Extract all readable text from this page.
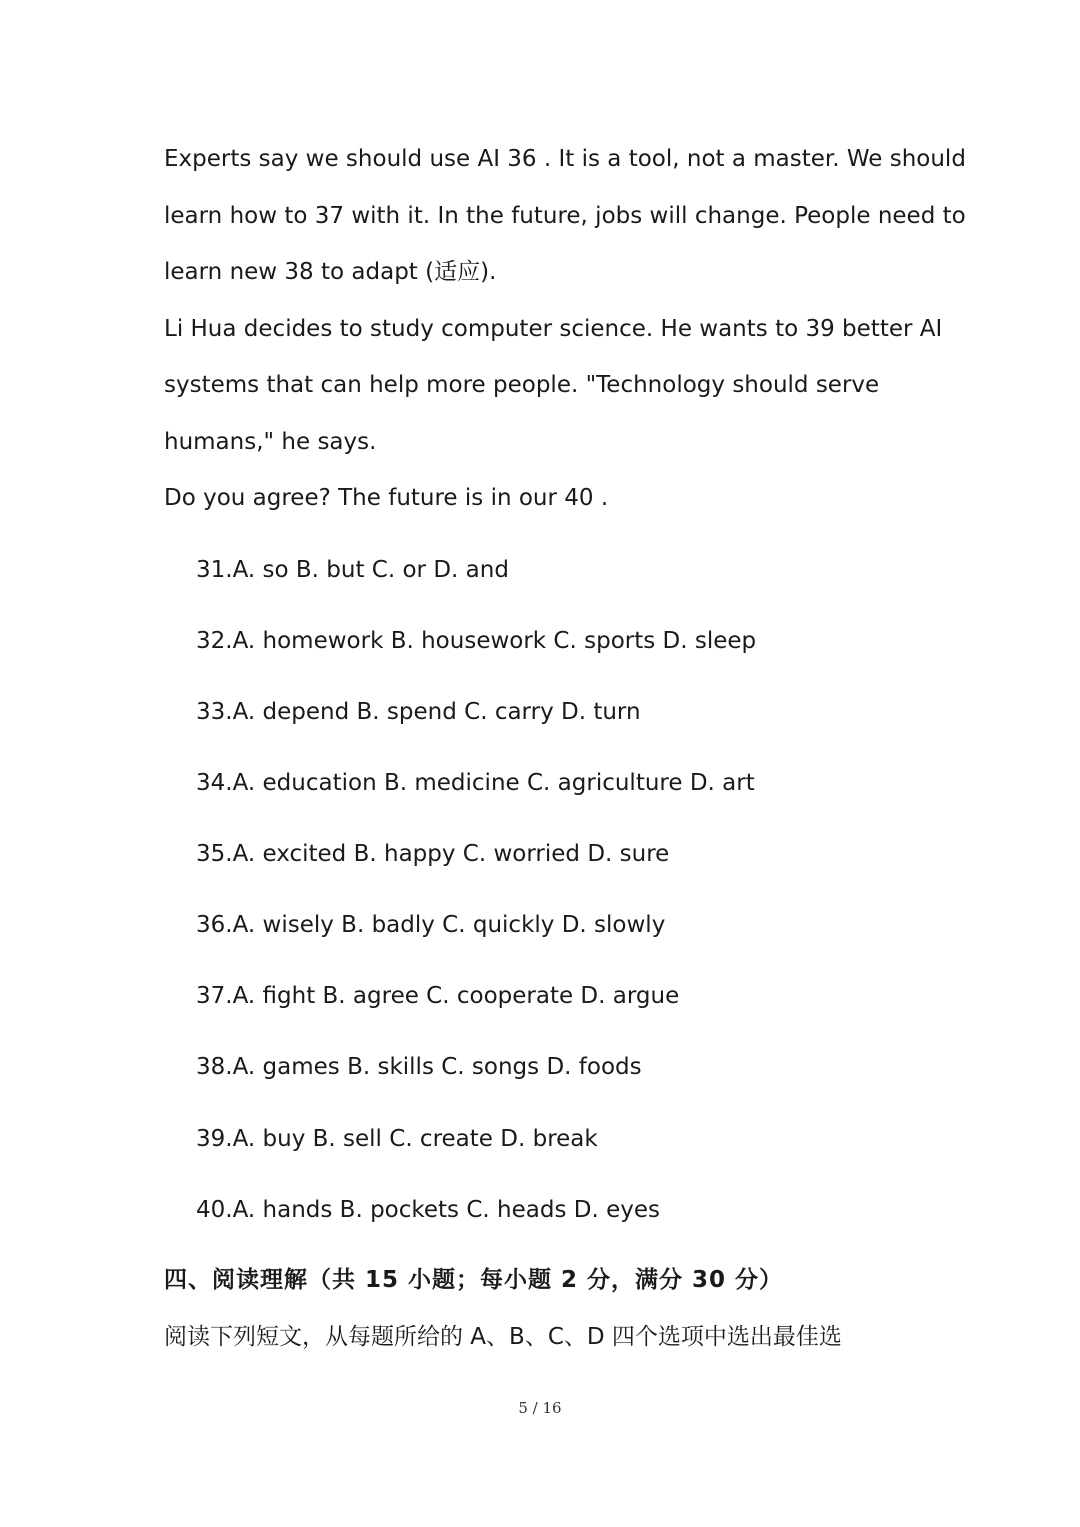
Experts say we should use AI 36 . It is a tool, not a master. We should
learn how to 37 with it. In the future, jobs will change. People need to
learn new 38 to adapt (适应).
Li Hua decides to study computer science. He wants to 39 better AI
systems that can help more people. "Technology should serve
humans," he says.
Do you agree? The future is in our 40 .
31.A. so B. but C. or D. and
32.A. homework B. housework C. sports D. sleep
33.A. depend B. spend C. carry D. turn
34.A. education B. medicine C. agriculture D. art
35.A. excited B. happy C. worried D. sure
36.A. wisely B. badly C. quickly D. slowly
37.A. fight B. agree C. cooperate D. argue
38.A. games B. skills C. songs D. foods
39.A. buy B. sell C. create D. break
40.A. hands B. pockets C. heads D. eyes
四、阅读理解（共 15 小题；每小题 2 分，满分 30 分）
阅读下列短文，从每题所给的 A、B、C、D 四个选项中选出最佳选
5 / 16
